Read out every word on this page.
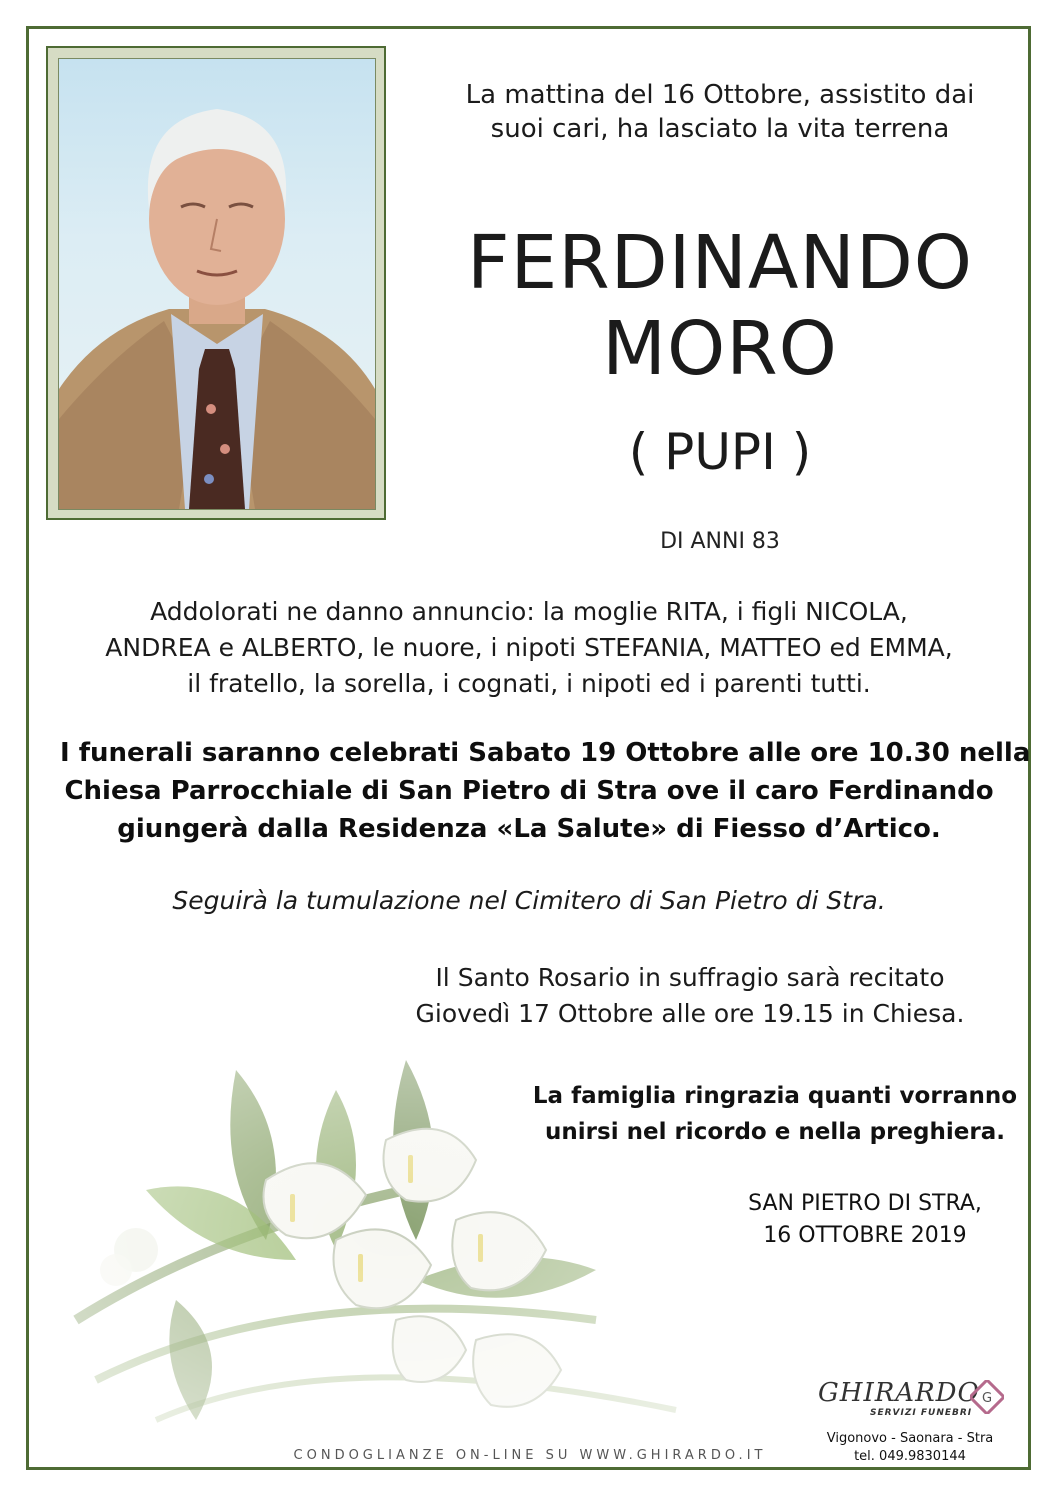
La mattina del 16 Ottobre, assistito dai
suoi cari, ha lasciato la vita terrena
FERDINANDO
MORO
( PUPI )
DI ANNI 83
Addolorati ne danno annuncio: la moglie RITA, i figli NICOLA,
ANDREA e ALBERTO, le nuore, i nipoti STEFANIA, MATTEO ed EMMA,
il fratello, la sorella, i cognati, i nipoti ed i parenti tutti.
I funerali saranno celebrati Sabato 19 Ottobre alle ore 10.30 nella
Chiesa Parrocchiale di San Pietro di Stra ove il caro Ferdinando
giungerà dalla Residenza «La Salute» di Fiesso d’Artico.
Seguirà la tumulazione nel Cimitero di San Pietro di Stra.
Il Santo Rosario in suffragio sarà recitato
Giovedì 17 Ottobre alle ore 19.15 in Chiesa.
La famiglia ringrazia quanti vorranno
unirsi nel ricordo e nella preghiera.
SAN PIETRO DI STRA,
16 OTTOBRE 2019
GHIRARDO
SERVIZI FUNEBRI
G
Vigonovo - Saonara - Stra
tel. 049.9830144
CONDOGLIANZE ON-LINE SU WWW.GHIRARDO.IT
